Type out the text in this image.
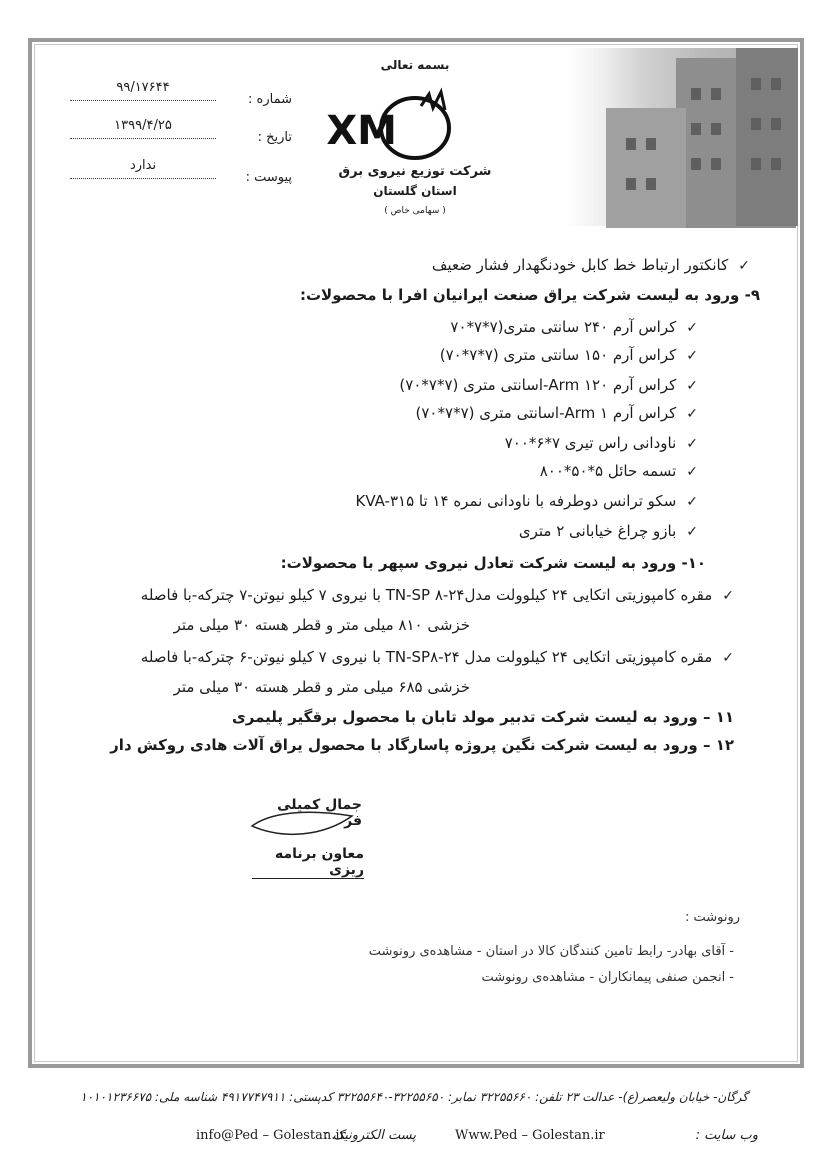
بسمه تعالی
XM
شرکت توزیع نیروی برق
استان گلستان
( سهامی خاص )
شماره :
۹۹/۱۷۶۴۴
تاریخ :
۱۳۹۹/۴/۲۵
پیوست :
ندارد
✓کانکتور ارتباط خط کابل خودنگهدار فشار ضعیف
۹- ورود به لیست شرکت یراق صنعت ایرانیان افرا با محصولات:
✓کراس آرم ۲۴۰ سانتی متری(۷*۷*۷۰
✓کراس آرم ۱۵۰ سانتی متری (۷*۷*۷۰)
✓کراس آرم Arm ۱۲۰-اسانتی متری (۷*۷*۷۰)
✓کراس آرم Arm ۱-اسانتی متری (۷*۷*۷۰)
✓ناودانی راس تیری ۷*۶*۷۰۰
✓تسمه حائل ۵*۵۰*۸۰۰
✓سکو ترانس دوطرفه با ناودانی نمره ۱۴ تا KVA-۳۱۵
✓بازو چراغ خیابانی ۲ متری
۱۰- ورود به لیست شرکت تعادل نیروی سپهر با محصولات:
✓مقره کامپوزیتی اتکایی ۲۴ کیلوولت مدلTN-SP ۸-۲۴ با نیروی ۷ کیلو نیوتن-۷ چترکه-با فاصله
خزشی ۸۱۰ میلی متر و قطر هسته ۳۰ میلی متر
✓مقره کامپوزیتی اتکایی ۲۴ کیلوولت مدل TN-SP۸-۲۴ با نیروی ۷ کیلو نیوتن-۶ چترکه-با فاصله
خزشی ۶۸۵ میلی متر و قطر هسته ۳۰ میلی متر
۱۱ – ورود به لیست شرکت تدبیر مولد تابان با محصول برقگیر پلیمری
۱۲ – ورود به لیست شرکت نگین پروژه پاسارگاد با محصول یراق آلات هادی روکش دار
جمال کمیلی فر
معاون برنامه ریزی
رونوشت :
- آقای بهادر- رابط تامین کنندگان کالا در استان - مشاهده‌ی رونوشت
- انجمن صنفی پیمانکاران - مشاهده‌ی رونوشت
گرگان- خیابان ولیعصر(ع)- عدالت ۲۳ تلفن: ۳۲۲۵۵۶۶۰ نمابر: ۳۲۲۵۵۶۵۰-۳۲۲۵۵۶۴۰ کدپستی: ۴۹۱۷۷۴۷۹۱۱ شناسه ملی: ۱۰۱۰۱۲۳۶۶۷۵
وب سایت :
Www.Ped – Golestan.ir
پست الکترونیک :
info@Ped – Golestan.ir
